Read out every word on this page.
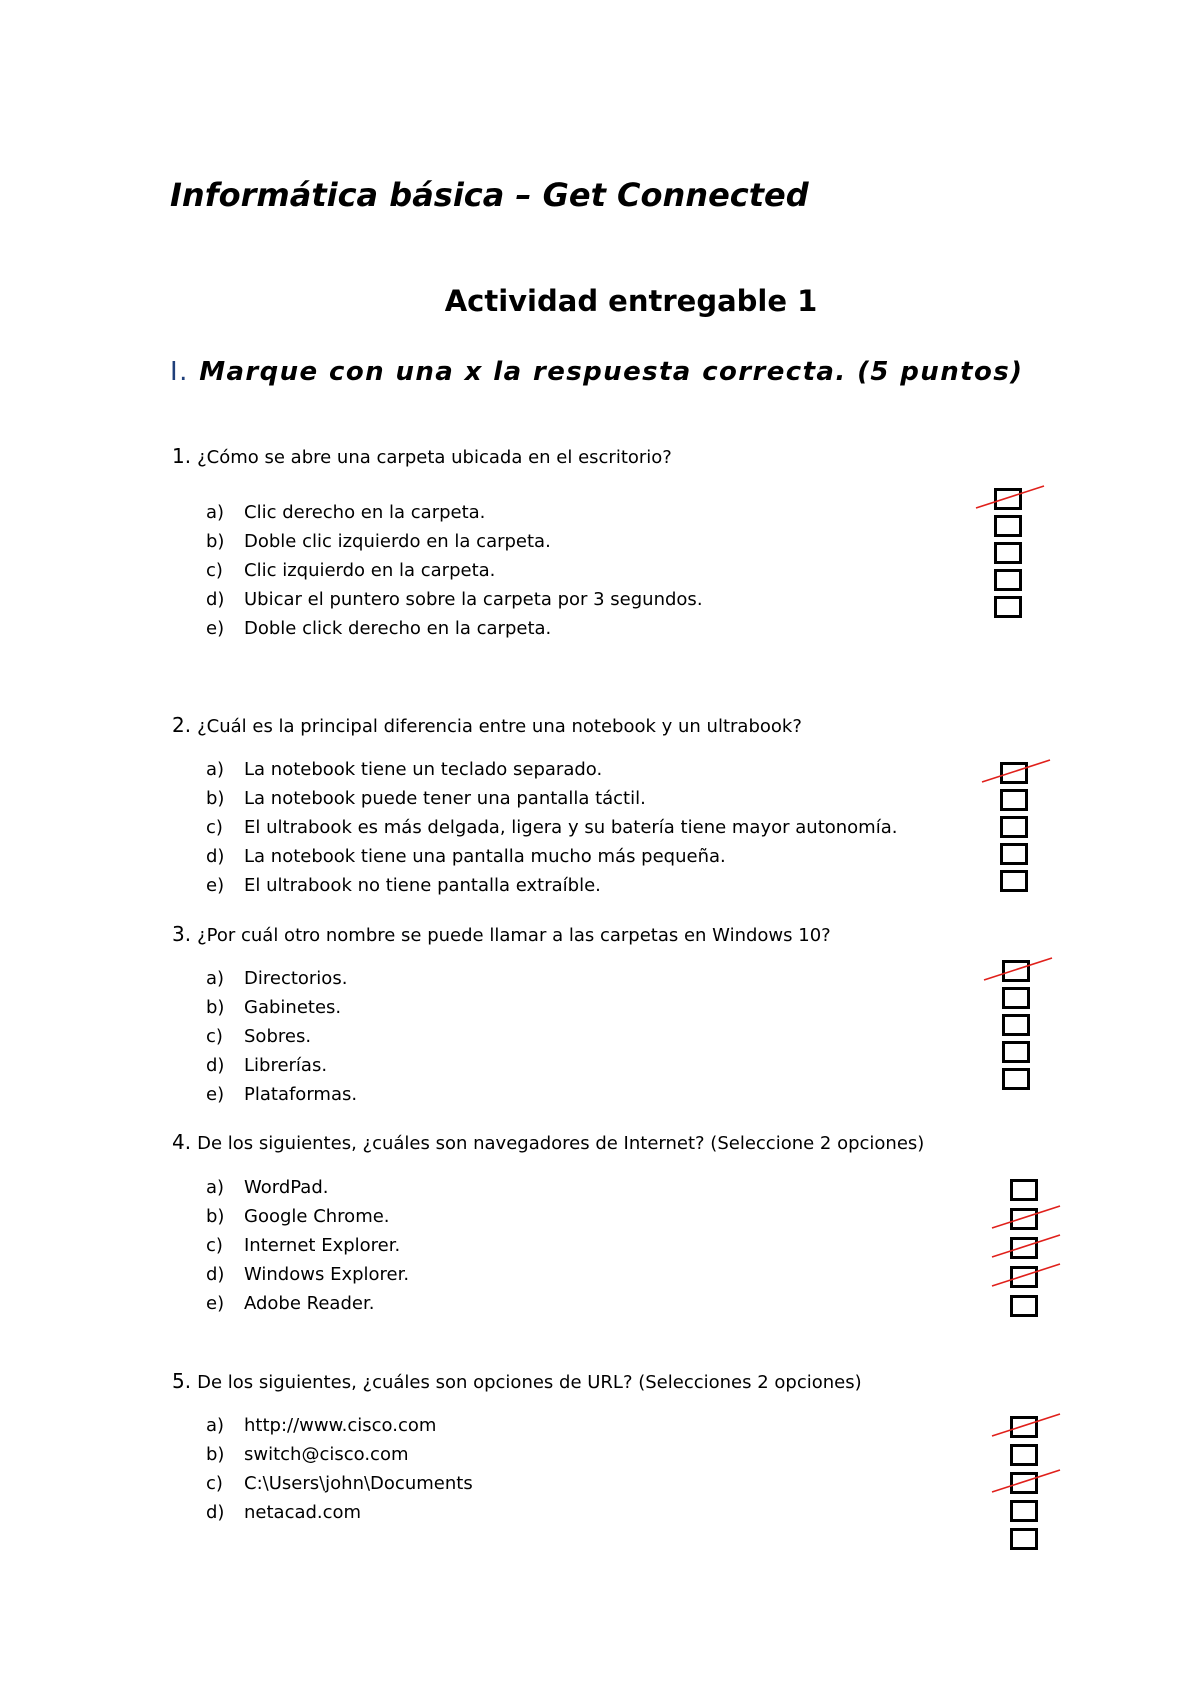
Informática básica – Get Connected
Actividad entregable 1
I. Marque con una x la respuesta correcta. (5 puntos)
1. ¿Cómo se abre una carpeta ubicada en el escritorio?
a) Clic derecho en la carpeta.
b) Doble clic izquierdo en la carpeta.
c) Clic izquierdo en la carpeta.
d) Ubicar el puntero sobre la carpeta por 3 segundos.
e) Doble click derecho en la carpeta.
2. ¿Cuál es la principal diferencia entre una notebook y un ultrabook?
a) La notebook tiene un teclado separado.
b) La notebook puede tener una pantalla táctil.
c) El ultrabook es más delgada, ligera y su batería tiene mayor autonomía.
d) La notebook tiene una pantalla mucho más pequeña.
e) El ultrabook no tiene pantalla extraíble.
3. ¿Por cuál otro nombre se puede llamar a las carpetas en Windows 10?
a) Directorios.
b) Gabinetes.
c) Sobres.
d) Librerías.
e) Plataformas.
4. De los siguientes, ¿cuáles son navegadores de Internet? (Seleccione 2 opciones)
a) WordPad.
b) Google Chrome.
c) Internet Explorer.
d) Windows Explorer.
e) Adobe Reader.
5. De los siguientes, ¿cuáles son opciones de URL? (Selecciones 2 opciones)
a) http://www.cisco.com
b) switch@cisco.com
c) C:\Users\john\Documents
d) netacad.com
